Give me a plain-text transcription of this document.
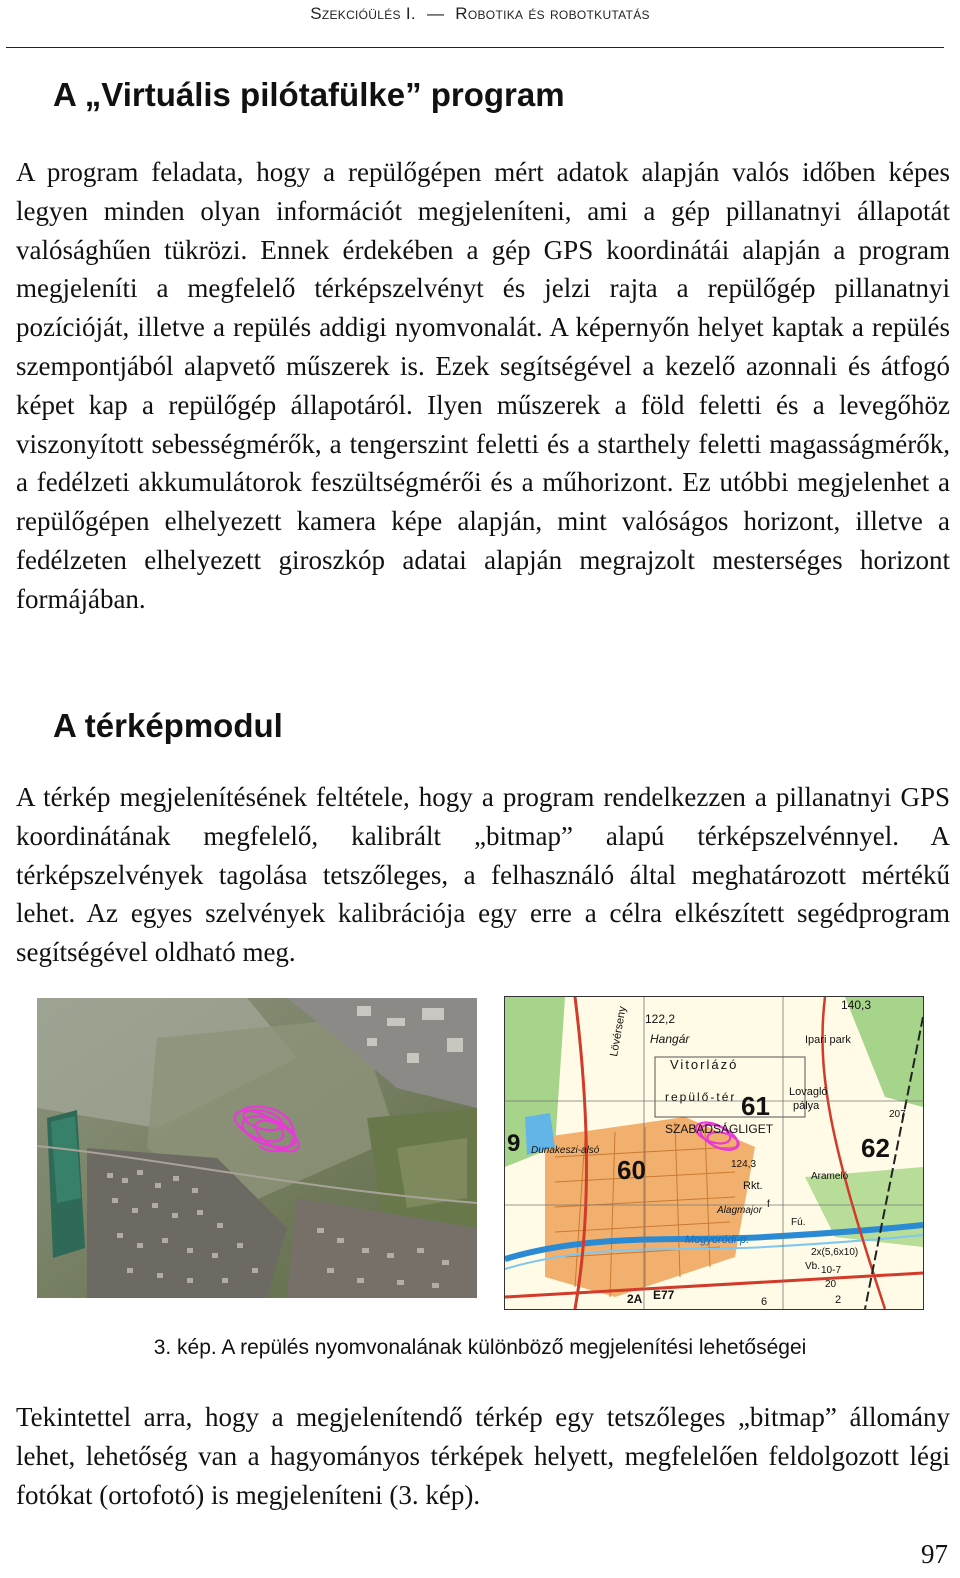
Szekcióülés I. — Robotika és robotkutatás
A „Virtuális pilótafülke” program

A program feladata, hogy a repülőgépen mért adatok alapján valós időben képes legyen minden olyan információt megjeleníteni, ami a gép pillanatnyi állapotát valósághűen tükrözi. Ennek érdekében a gép GPS koordinátái alapján a program megjeleníti a megfelelő térképszelvényt és jelzi rajta a repülőgép pillanatnyi pozícióját, illetve a repülés addigi nyomvonalát. A képernyőn helyet kaptak a repülés szempontjából alapvető műszerek is. Ezek segítségével a kezelő azonnali és átfogó képet kap a repülőgép állapotáról. Ilyen műszerek a föld feletti és a levegőhöz viszonyított sebességmérők, a tengerszint feletti és a starthely feletti magasságmérők, a fedélzeti akkumulátorok feszültségmérői és a műhorizont. Ez utóbbi megjelenhet a repülőgépen elhelyezett kamera képe alapján, mint valóságos horizont, illetve a fedélzeten elhelyezett giroszkóp adatai alapján megrajzolt mesterséges horizont formájában.

A térképmodul

A térkép megjelenítésének feltétele, hogy a program rendelkezzen a pillanatnyi GPS koordinátának megfelelő, kalibrált „bitmap” alapú térképszelvénnyel. A térképszelvények tagolása tetszőleges, a felhasználó által meghatározott mértékű lehet. Az egyes szelvények kalibrációja egy erre a célra elkészített segédprogram segítségével oldható meg.

122,2
140,3
Hangár
Vitorlázó
Ipari park
Lovagló
pálya
repülő-tér
SZABADSÁGLIGET
Lövérseny
Dunakeszi-alsó
Arameló
Rkt.
Alagmajor
Mogyoródi-p.
61
62
60
9
124,3
207
2A E77	6	2
2x(5,6x10)
Vb. 10-7
20
Fú.
f
3. kép. A repülés nyomvonalának különböző megjelenítési lehetőségei

Tekintettel arra, hogy a megjelenítendő térkép egy tetszőleges „bitmap” állomány lehet, lehetőség van a hagyományos térképek helyett, megfelelően feldolgozott légi fotókat (ortofotó) is megjeleníteni (3. kép).

97
